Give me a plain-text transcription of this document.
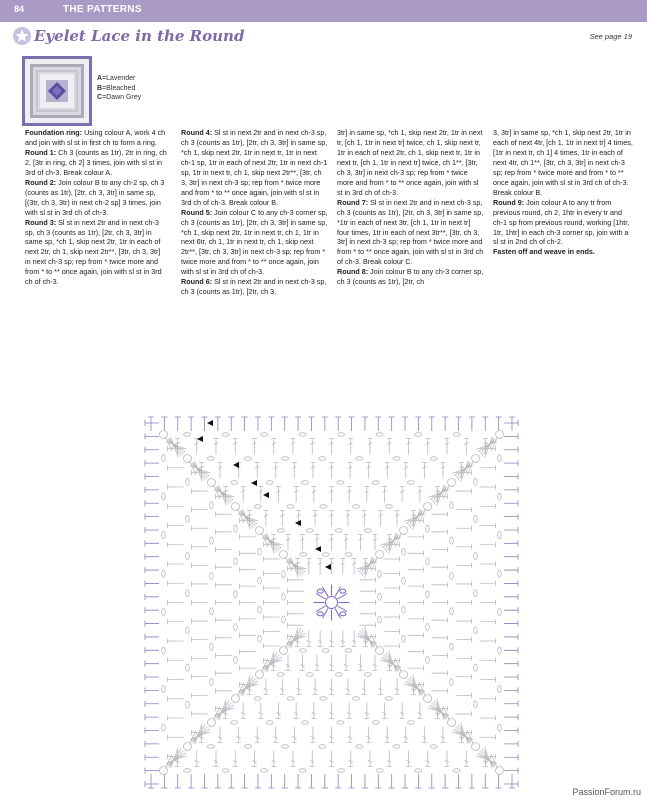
84	THE PATTERNS
Eyelet Lace in the Round	See page 19
A=Lavender
B=Bleached
C=Dawn Grey

Foundation ring: Using colour A, work 4 ch and join with sl st in first ch to form a ring.

Round 1: Ch 3 (counts as 1tr), 2tr in ring, ch 2, [3tr in ring, ch 2] 3 times, join with sl st in 3rd of ch-3. Break colour A.

Round 2: Join colour B to any ch-2 sp, ch 3 (counts as 1tr), [2tr, ch 3, 3tr] in same sp, [(3tr, ch 3, 3tr) in next ch-2 sp] 3 times, join with sl st in 3rd ch of ch-3.

Round 3: Sl st in next 2tr and in next ch-3 sp, ch 3 (counts as 1tr), [2tr, ch 3, 3tr] in same sp, *ch 1, skip next 2tr, 1tr in each of next 2tr, ch 1, skip next 2tr**, [3tr, ch 3, 3tr] in next ch-3 sp; rep from * twice more and from * to ** once again, join with sl st in 3rd ch of ch-3.

Round 4: Sl st in next 2tr and in next ch-3 sp, ch 3 (counts as 1tr), [2tr, ch 3, 3tr] in same sp, *ch 1, skip next 2tr, 1tr in next tr, 1tr in next ch-1 sp, 1tr in each of next 2tr, 1tr in next ch-1 sp, 1tr in next tr, ch 1, skip next 2tr**, [3tr, ch 3, 3tr] in next ch-3 sp; rep from * twice more and from * to ** once again, join with sl st in 3rd ch of ch-3. Break colour B.

Round 5: Join colour C to any ch-3 corner sp, ch 3 (counts as 1tr), [2tr, ch 3, 3tr] in same sp, *ch 1, skip next 2tr, 1tr in next tr, ch 1, 1tr in next 6tr, ch 1, 1tr in next tr, ch 1, skip next 2tr**, [3tr, ch 3, 3tr] in next ch-3 sp; rep from * twice more and from * to ** once again, join with sl st in 3rd ch of ch-3.

Round 6: Sl st in next 2tr and in next ch-3 sp, ch 3 (counts as 1tr), [2tr, ch 3,

3tr] in same sp, *ch 1, skip next 2tr, 1tr in next tr, [ch 1, 1tr in next tr] twice, ch 1, skip next tr, 1tr in each of next 2tr, ch 1, skip next tr, 1tr in next tr, [ch 1, 1tr in next tr] twice, ch 1**, [3tr, ch 3, 3tr] in next ch-3 sp; rep from * twice more and from * to ** once again, join with sl st in 3rd ch of ch-3.

Round 7: Sl st in next 2tr and in next ch-3 sp, ch 3 (counts as 1tr), [2tr, ch 3, 3tr] in same sp, *1tr in each of next 3tr, [ch 1, 1tr in next tr] four times, 1tr in each of next 3tr**, [3tr, ch 3, 3tr] in next ch-3 sp; rep from * twice more and from * to ** once again, join with sl st in 3rd ch of ch-3. Break colour C.

Round 8: Join colour B to any ch-3 corner sp, ch 3 (counts as 1tr), [2tr, ch

3, 3tr] in same sp, *ch 1, skip next 2tr, 1tr in each of next 4tr, [ch 1, 1tr in next tr] 4 times, [1tr in next tr, ch 1] 4 times, 1tr in each of next 4tr, ch 1**, [3tr, ch 3, 3tr] in next ch-3 sp; rep from * twice more and from * to ** once again, join with sl st in 3rd ch of ch-3. Break colour B.

Round 9: Join colour A to any tr from previous round, ch 2, 1htr in every tr and ch-1 sp from previous round, working [1htr, 1tr, 1htr] in each ch-3 corner sp, join with a sl st in 2nd ch of ch-2.

Fasten off and weave in ends.

PassionForum.ru
